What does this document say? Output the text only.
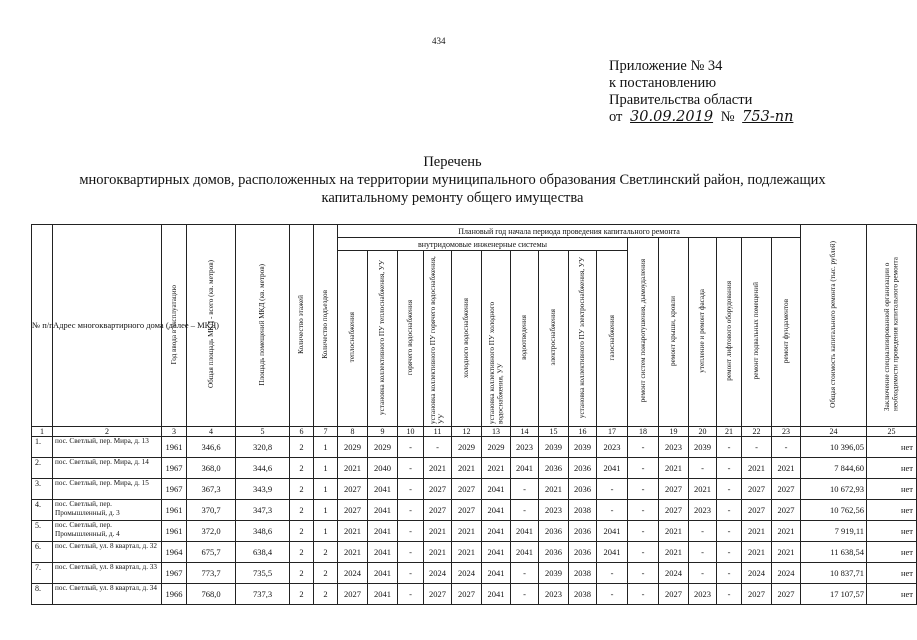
434
Приложение № 34
к постановлению
Правительства области
от 30.09.2019 № 753-пп
Перечень
многоквартирных домов, расположенных на территории муниципального образования Светлинский район, подлежащих
капитальному ремонту общего имущества
№ п/п	Адрес многоквартирного дома (далее – МКД)	Год ввода в эксплуатацию	Общая площадь МКД - всего (кв. метров)	Площадь помещений МКД (кв. метров)	Количество этажей	Количество подъездов	Плановый год начала периода проведения капитального ремонта																Общая стоимость капитального ремонта (тыс. рублей)	Заключение специализированной организации о необходимости проведения капитального ремонта
							внутридомовые инженерные системы										ремонт систем пожаротушения, дымоудаления	ремонт крыши, кровли	утепление и ремонт фасада	ремонт лифтового оборудования	ремонт подвальных помещений	ремонт фундаментов		
							теплоснабжения	установка коллективного ПУ теплоснабжения, УУ	горячего водоснабжения	установка коллективного ПУ горячего водоснабжения, УУ	холодного водоснабжения	установка коллективного ПУ холодного водоснабжения, УУ	водоотведения	электроснабжения	установка коллективного ПУ электроснабжения, УУ	газоснабжения								
1	2	3	4	5	6	7	8	9	10	11	12	13	14	15	16	17	18	19	20	21	22	23	24	25
1.	пос. Светлый, пер. Мира, д. 13	1961	346,6	320,8	2	1	2029	2029	-	-	2029	2029	2023	2039	2039	2023	-	2023	2039	-	-	-	10 396,05	нет
2.	пос. Светлый, пер. Мира, д. 14	1967	368,0	344,6	2	1	2021	2040	-	2021	2021	2021	2041	2036	2036	2041	-	2021	-	-	2021	2021	7 844,60	нет
3.	пос. Светлый, пер. Мира, д. 15	1967	367,3	343,9	2	1	2027	2041	-	2027	2027	2041	-	2021	2036	-	-	2027	2021	-	2027	2027	10 672,93	нет
4.	пос. Светлый, пер. Промышленный, д. 3	1961	370,7	347,3	2	1	2027	2041	-	2027	2027	2041	-	2023	2038	-	-	2027	2023	-	2027	2027	10 762,56	нет
5.	пос. Светлый, пер. Промышленный, д. 4	1961	372,0	348,6	2	1	2021	2041	-	2021	2021	2041	2041	2036	2036	2041	-	2021	-	-	2021	2021	7 919,11	нет
6.	пос. Светлый, ул. 8 квартал, д. 32	1964	675,7	638,4	2	2	2021	2041	-	2021	2021	2041	2041	2036	2036	2041	-	2021	-	-	2021	2021	11 638,54	нет
7.	пос. Светлый, ул. 8 квартал, д. 33	1967	773,7	735,5	2	2	2024	2041	-	2024	2024	2041	-	2039	2038	-	-	2024	-	-	2024	2024	10 837,71	нет
8.	пос. Светлый, ул. 8 квартал, д. 34	1966	768,0	737,3	2	2	2027	2041	-	2027	2027	2041	-	2023	2038	-	-	2027	2023	-	2027	2027	17 107,57	нет
